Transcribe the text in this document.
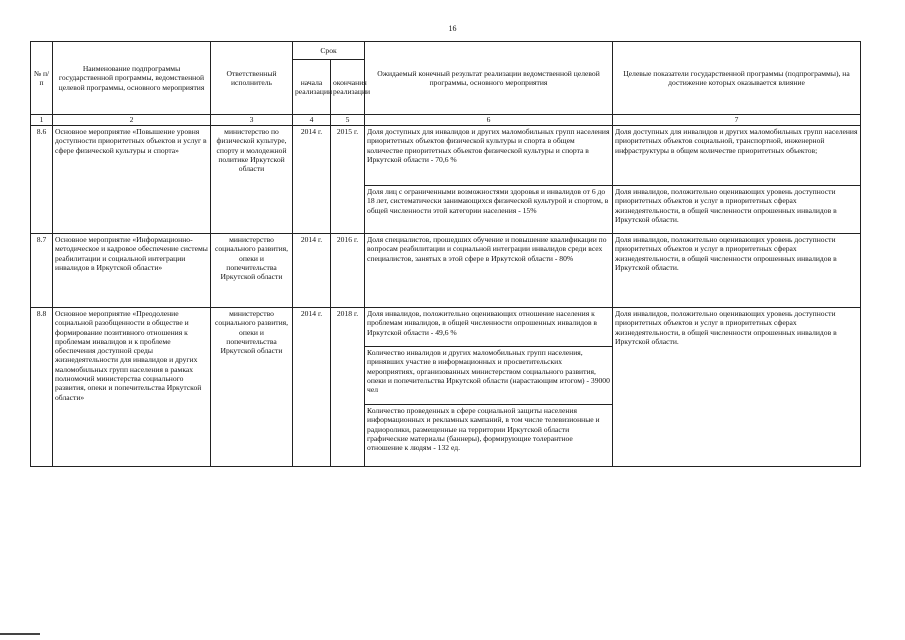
16
№ п/п	Наименование подпрограммы государственной программы, ведомственной целевой программы, основного мероприятия	Ответственный исполнитель	Срок		Ожидаемый конечный результат реализации ведомственной целевой программы, основного мероприятия	Целевые показатели государственной программы (подпрограммы), на достижение которых оказывается влияние
			начала реализации	окончания реализации		
1	2	3	4	5	6	7
8.6	Основное мероприятие «Повышение уровня доступности приоритетных объектов и услуг в сфере физической культуры и спорта»	министерство по физической культуре, спорту и молодежной политике Иркутской области	2014 г.	2015 г.	Доля доступных для инвалидов и других маломобильных групп населения приоритетных объектов физической культуры и спорта в общем количестве приоритетных объектов физической культуры и спорта в Иркутской области - 70,6 %	Доля доступных для инвалидов и других маломобильных групп населения приоритетных объектов социальной, транспортной, инженерной инфраструктуры в общем количестве приоритетных объектов;
					Доля лиц с ограниченными возможностями здоровья и инвалидов от 6 до 18 лет, систематически занимающихся физической культурой и спортом, в общей численности этой категории населения - 15%	Доля инвалидов, положительно оценивающих уровень доступности приоритетных объектов и услуг в приоритетных сферах жизнедеятельности, в общей численности опрошенных инвалидов в Иркутской области.
8.7	Основное мероприятие «Информационно-методическое и кадровое обеспечение системы реабилитации и социальной интеграции инвалидов в Иркутской области»	министерство социального развития, опеки и попечительства Иркутской области	2014 г.	2016 г.	Доля специалистов, прошедших обучение и повышение квалификации по вопросам реабилитации и социальной интеграции инвалидов среди всех специалистов, занятых в этой сфере в Иркутской области - 80%	Доля инвалидов, положительно оценивающих уровень доступности приоритетных объектов и услуг в приоритетных сферах жизнедеятельности, в общей численности опрошенных инвалидов в Иркутской области.
8.8	Основное мероприятие «Преодоление социальной разобщенности в обществе и формирование позитивного отношения к проблемам инвалидов и к проблеме обеспечения доступной среды жизнедеятельности для инвалидов и других маломобильных групп населения в рамках полномочий министерства социального развития, опеки и попечительства Иркутской области»	министерство социального развития, опеки и попечительства Иркутской области	2014 г.	2018 г.	Доля инвалидов, положительно оценивающих отношение населения к проблемам инвалидов, в общей численности опрошенных инвалидов в Иркутской области - 49,6 %	Доля инвалидов, положительно оценивающих уровень доступности приоритетных объектов и услуг в приоритетных сферах жизнедеятельности, в общей численности опрошенных инвалидов в Иркутской области.
					Количество инвалидов и других маломобильных групп населения, принявших участие в информационных и просветительских мероприятиях, организованных министерством социального развития, опеки и попечительства Иркутской области (нарастающим итогом) - 39000 чел	
					Количество проведенных в сфере социальной защиты населения информационных и рекламных кампаний, в том числе телевизионные и радиоролики, размещенные на территории Иркутской области графические материалы (баннеры), формирующие толерантное отношение к людям - 132 ед.	
